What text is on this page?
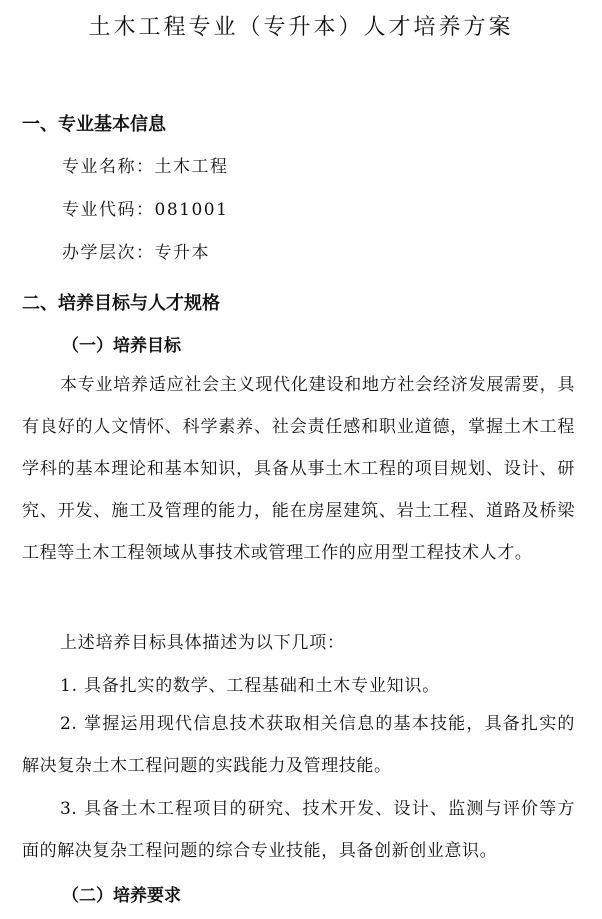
土木工程专业（专升本）人才培养方案
一、专业基本信息
专业名称：土木工程
专业代码：081001
办学层次：专升本
二、培养目标与人才规格
（一）培养目标
本专业培养适应社会主义现代化建设和地方社会经济发展需要，具有良好的人文情怀、科学素养、社会责任感和职业道德，掌握土木工程学科的基本理论和基本知识，具备从事土木工程的项目规划、设计、研究、开发、施工及管理的能力，能在房屋建筑、岩土工程、道路及桥梁工程等土木工程领域从事技术或管理工作的应用型工程技术人才。
上述培养目标具体描述为以下几项：
1. 具备扎实的数学、工程基础和土木专业知识。
2. 掌握运用现代信息技术获取相关信息的基本技能，具备扎实的解决复杂土木工程问题的实践能力及管理技能。
3. 具备土木工程项目的研究、技术开发、设计、监测与评价等方面的解决复杂工程问题的综合专业技能，具备创新创业意识。
（二）培养要求
